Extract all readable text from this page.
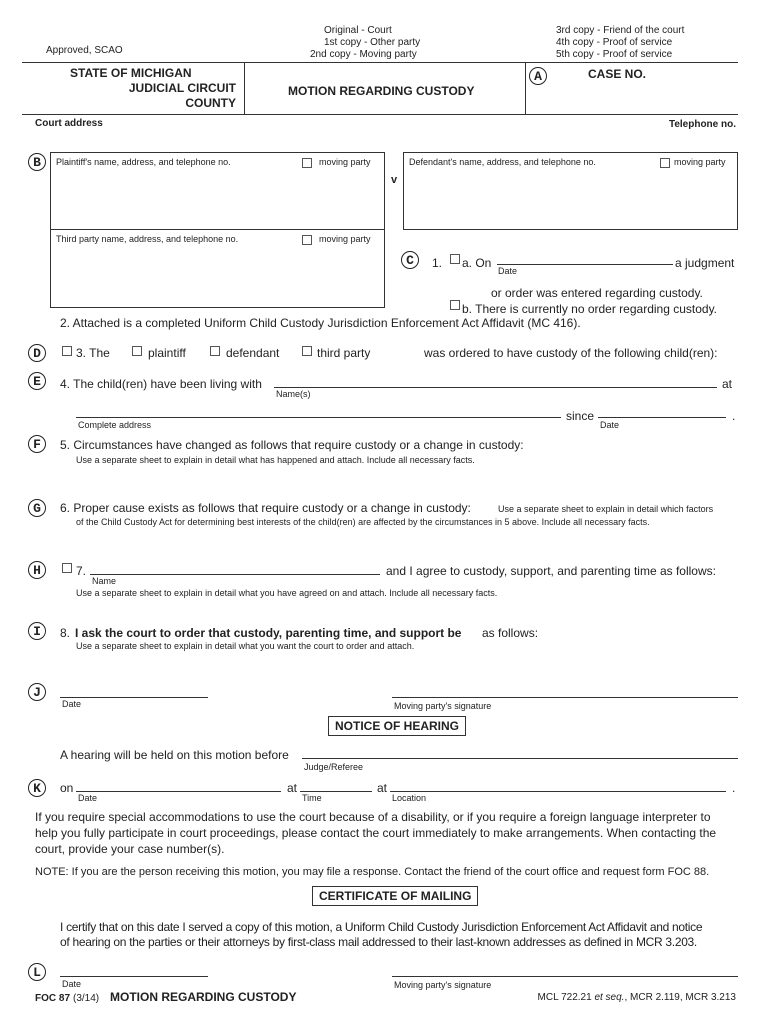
Approved, SCAO
Original - Court
1st copy - Other party
2nd copy - Moving party
3rd copy - Friend of the court
4th copy - Proof of service
5th copy - Proof of service
STATE OF MICHIGAN
JUDICIAL CIRCUIT
COUNTY
MOTION REGARDING CUSTODY
A	CASE NO.
Court address	Telephone no.
B	Plaintiff's name, address, and telephone no.	moving party
Third party name, address, and telephone no.	moving party
v
Defendant's name, address, and telephone no.	moving party
C	1. a. On
Date
a judgment
or order was entered regarding custody.
b. There is currently no order regarding custody.
2. Attached is a completed Uniform Child Custody Jurisdiction Enforcement Act Affidavit (MC 416).
D	3. The	plaintiff	defendant	third party	was ordered to have custody of the following child(ren):
E	4. The child(ren) have been living with
Name(s)
at
Complete address
since
Date
.
F	5. Circumstances have changed as follows that require custody or a change in custody:
Use a separate sheet to explain in detail what has happened and attach. Include all necessary facts.
G	6. Proper cause exists as follows that require custody or a change in custody:	Use a separate sheet to explain in detail which factors
of the Child Custody Act for determining best interests of the child(ren) are affected by the circumstances in 5 above. Include all necessary facts.
H	7.
Name
and I agree to custody, support, and parenting time as follows:
Use a separate sheet to explain in detail what you have agreed on and attach. Include all necessary facts.
I	8. I ask the court to order that custody, parenting time, and support be as follows:
Use a separate sheet to explain in detail what you want the court to order and attach.
J
Date	Moving party's signature
NOTICE OF HEARING
A hearing will be held on this motion before
Judge/Referee
K	on
Date
at
Time
at
Location
.
If you require special accommodations to use the court because of a disability, or if you require a foreign language interpreter to
help you fully participate in court proceedings, please contact the court immediately to make arrangements. When contacting the
court, provide your case number(s).
NOTE: If you are the person receiving this motion, you may file a response. Contact the friend of the court office and request form FOC 88.
CERTIFICATE OF MAILING
I certify that on this date I served a copy of this motion, a Uniform Child Custody Jurisdiction Enforcement Act Affidavit and notice
of hearing on the parties or their attorneys by first-class mail addressed to their last-known addresses as defined in MCR 3.203.
L
Date	Moving party's signature
FOC 87 (3/14) MOTION REGARDING CUSTODY	MCL 722.21 et seq., MCR 2.119, MCR 3.213
